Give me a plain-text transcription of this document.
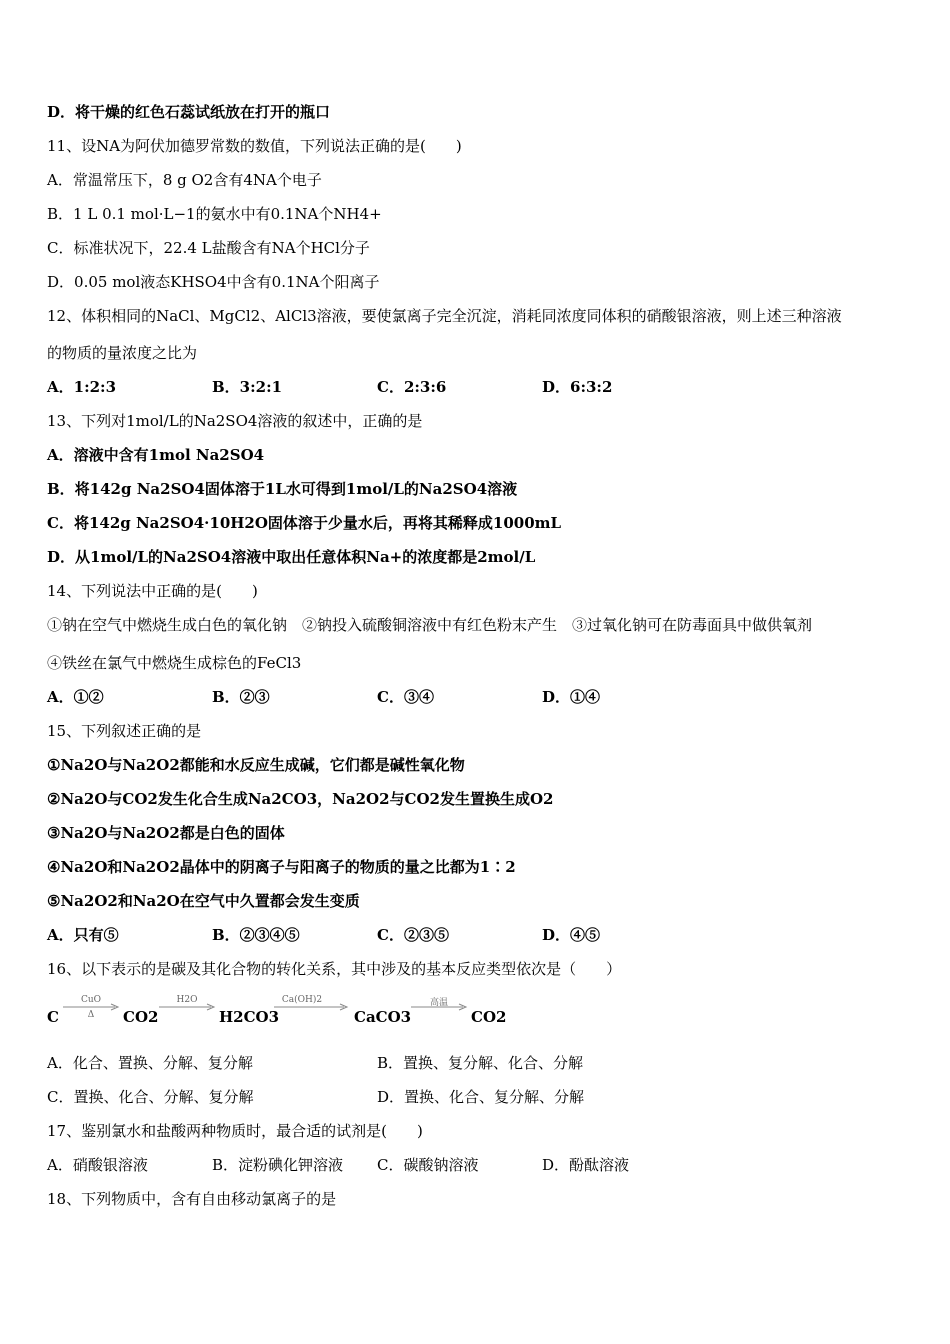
D．将干燥的红色石蕊试纸放在打开的瓶口
11、设NA为阿伏加德罗常数的数值，下列说法正确的是(　　)
A．常温常压下，8 g O2含有4NA个电子
B．1 L 0.1 mol·L−1的氨水中有0.1NA个NH4+
C．标准状况下，22.4 L盐酸含有NA个HCl分子
D．0.05 mol液态KHSO4中含有0.1NA个阳离子
12、体积相同的NaCl、MgCl2、AlCl3溶液，要使氯离子完全沉淀，消耗同浓度同体积的硝酸银溶液，则上述三种溶液
的物质的量浓度之比为
A．1:2:3	B．3:2:1	C．2:3:6	D．6:3:2
13、下列对1mol/L的Na2SO4溶液的叙述中，正确的是
A．溶液中含有1mol Na2SO4
B．将142g Na2SO4固体溶于1L水可得到1mol/L的Na2SO4溶液
C．将142g Na2SO4·10H2O固体溶于少量水后，再将其稀释成1000mL
D．从1mol/L的Na2SO4溶液中取出任意体积Na+的浓度都是2mol/L
14、下列说法中正确的是(　　)
①钠在空气中燃烧生成白色的氧化钠　②钠投入硫酸铜溶液中有红色粉末产生　③过氧化钠可在防毒面具中做供氧剂
④铁丝在氯气中燃烧生成棕色的FeCl3
A．①②	B．②③	C．③④	D．①④
15、下列叙述正确的是
①Na2O与Na2O2都能和水反应生成碱，它们都是碱性氧化物
②Na2O与CO2发生化合生成Na2CO3，Na2O2与CO2发生置换生成O2
③Na2O与Na2O2都是白色的固体
④Na2O和Na2O2晶体中的阴离子与阳离子的物质的量之比都为1∶2
⑤Na2O2和Na2O在空气中久置都会发生变质
A．只有⑤	B．②③④⑤	C．②③⑤	D．④⑤
16、以下表示的是碳及其化合物的转化关系，其中涉及的基本反应类型依次是（　　）
C
CuO
Δ	CO2
H2O
H2CO3
Ca(OH)2
CaCO3
高温
CO2
A．化合、置换、分解、复分解	B．置换、复分解、化合、分解
C．置换、化合、分解、复分解	D．置换、化合、复分解、分解
17、鉴别氯水和盐酸两种物质时，最合适的试剂是(　　)
A．硝酸银溶液	B．淀粉碘化钾溶液 C．碳酸钠溶液	D．酚酞溶液
18、下列物质中，含有自由移动氯离子的是
